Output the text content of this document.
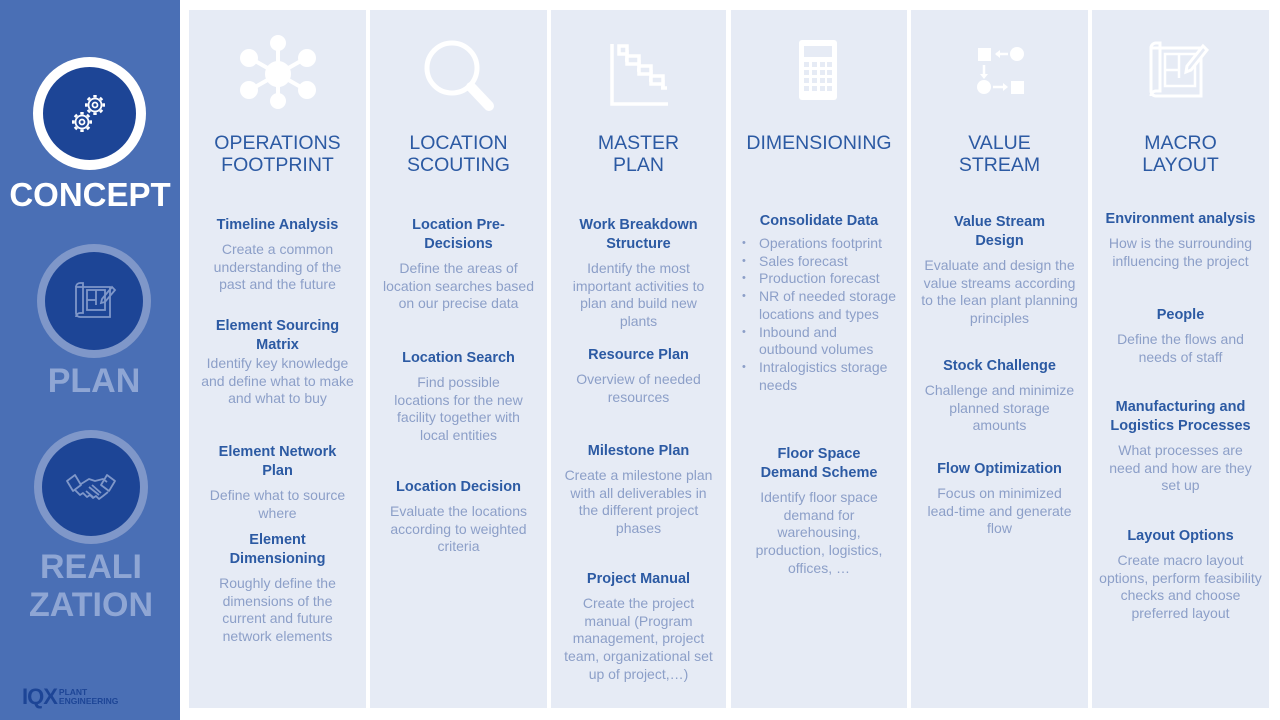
CONCEPT
PLAN
REALI ZATION
IQX PLANT
ENGINEERING
OPERATIONS
FOOTPRINT
Timeline Analysis

Create a common understanding of the past and the future

Element Sourcing Matrix

Identify key knowledge and define what to make and what to buy

Element Network Plan

Define what to source where

Element Dimensioning

Roughly define the dimensions of the current and future network elements

LOCATION
SCOUTING
Location Pre-Decisions

Define the areas of location searches based on our precise data

Location Search

Find possible locations for the new facility together with local entities

Location Decision

Evaluate the locations according to weighted criteria

MASTER
PLAN
Work Breakdown Structure

Identify the most important activities to plan and build new plants

Resource Plan

Overview of needed resources

Milestone Plan

Create a milestone plan with all deliverables in the different project phases

Project Manual

Create the project manual (Program management, project team, organizational set up of project,…)

DIMENSIONING
Consolidate Data
• Operations footprint
• Sales forecast
• Production forecast
• NR of needed storage locations and types
• Inbound and outbound volumes
• Intralogistics storage needs
Floor Space Demand Scheme

Identify floor space demand for warehousing, production, logistics, offices, …

VALUE
STREAM
Value Stream Design

Evaluate and design the value streams according to the lean plant planning principles

Stock Challenge

Challenge and minimize planned storage amounts

Flow Optimization

Focus on minimized lead-time and generate flow

MACRO
LAYOUT
Environment analysis

How is the surrounding influencing the project

People

Define the flows and needs of staff

Manufacturing and Logistics Processes

What processes are need and how are they set up

Layout Options

Create macro layout options, perform feasibility checks and choose preferred layout
